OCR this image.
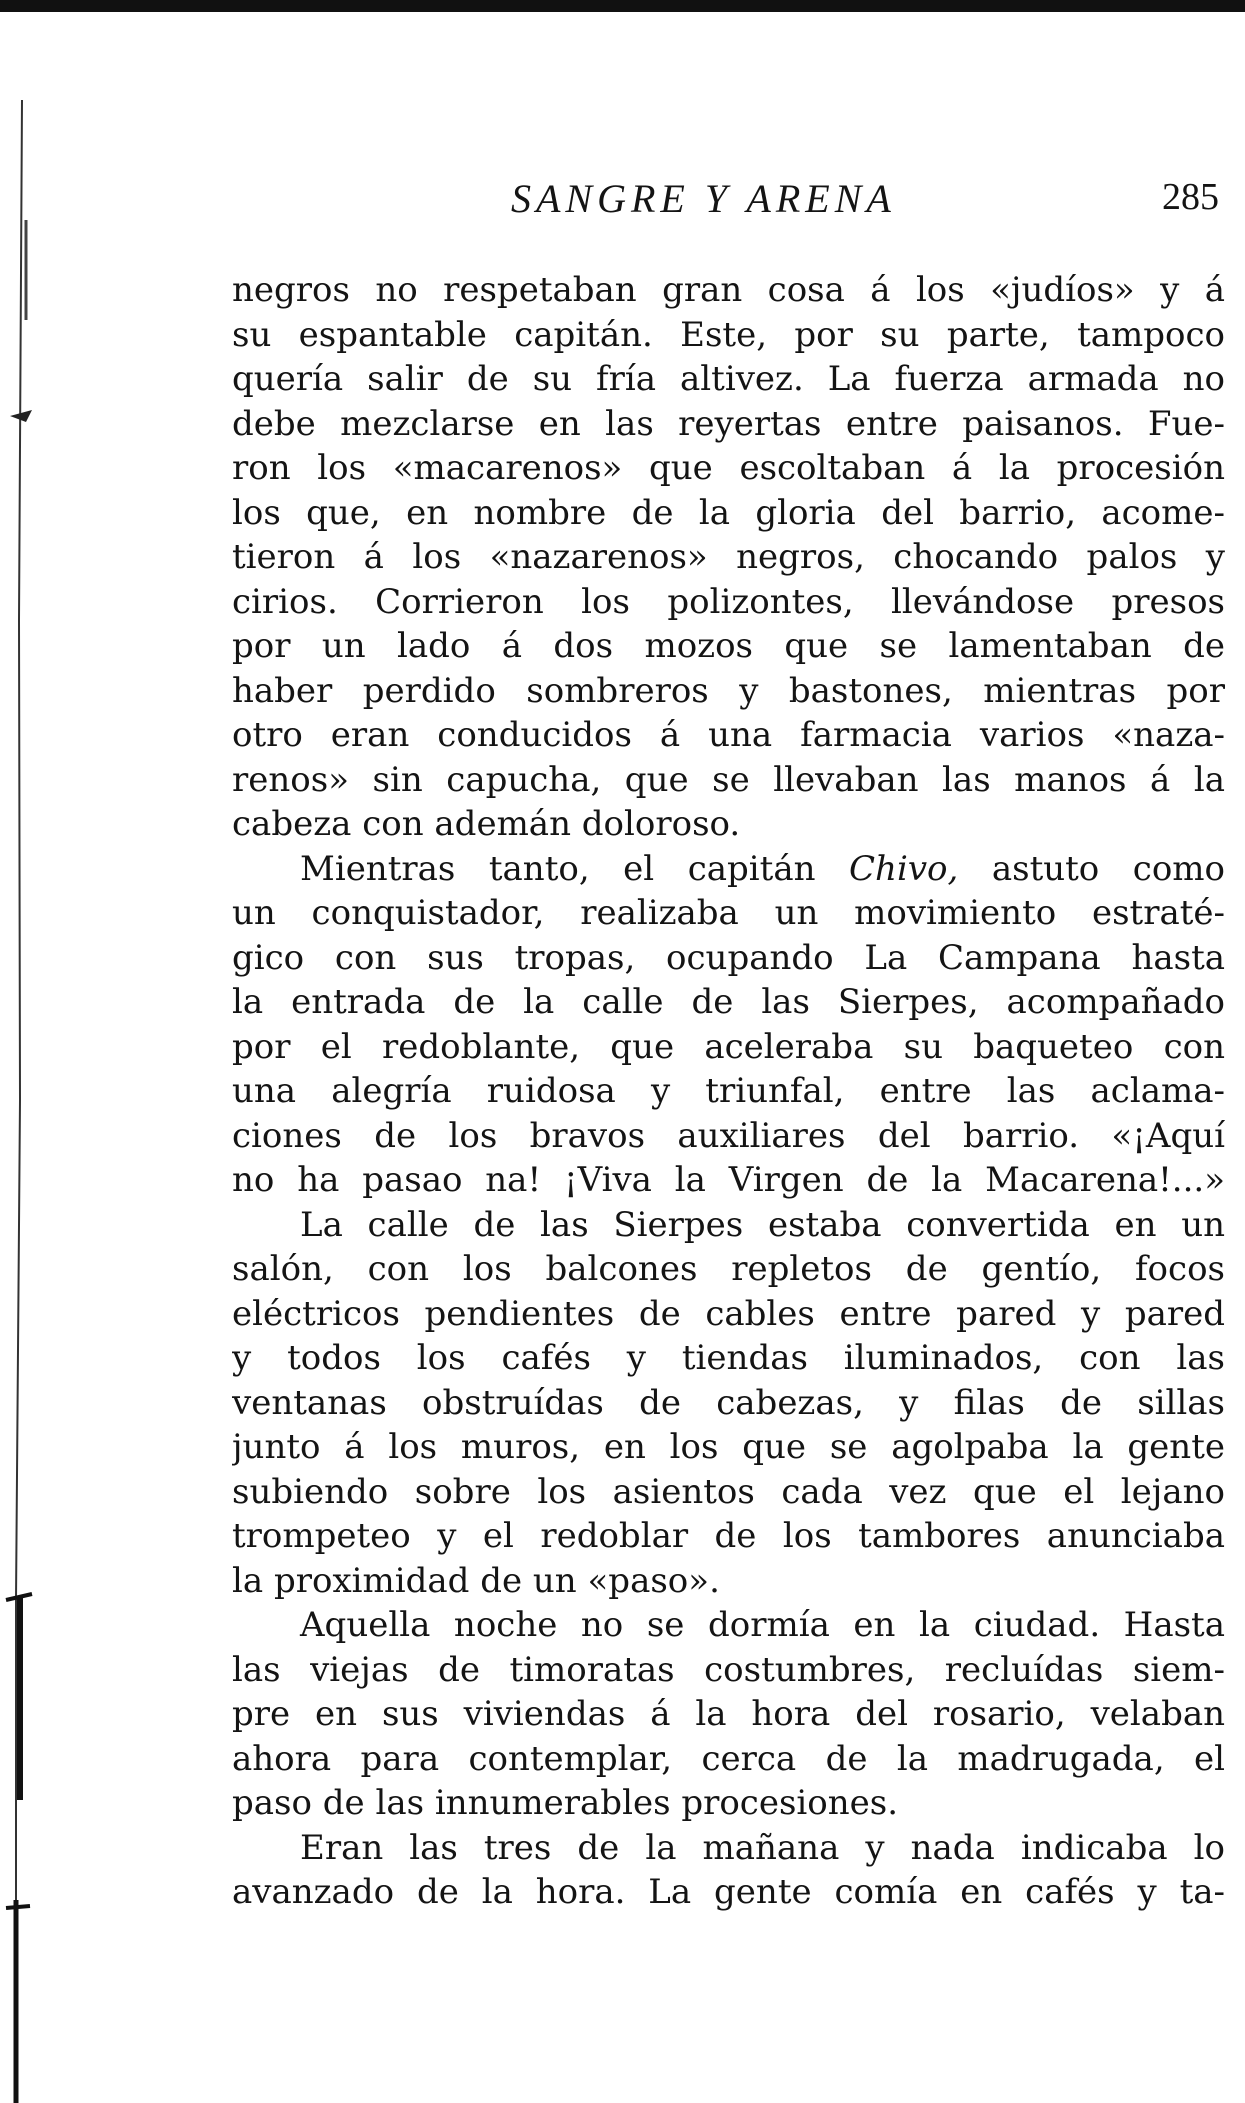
SANGRE Y ARENA	285
negros no respetaban gran cosa á los «judíos» y á
su espantable capitán. Este, por su parte, tampoco
quería salir de su fría altivez. La fuerza armada no
debe mezclarse en las reyertas entre paisanos. Fue-
ron los «macarenos» que escoltaban á la procesión
los que, en nombre de la gloria del barrio, acome-
tieron á los «nazarenos» negros, chocando palos y
cirios. Corrieron los polizontes, llevándose presos
por un lado á dos mozos que se lamentaban de
haber perdido sombreros y bastones, mientras por
otro eran conducidos á una farmacia varios «naza-
renos» sin capucha, que se llevaban las manos á la
cabeza con ademán doloroso.
Mientras tanto, el capitán Chivo, astuto como
un conquistador, realizaba un movimiento estraté-
gico con sus tropas, ocupando La Campana hasta
la entrada de la calle de las Sierpes, acompañado
por el redoblante, que aceleraba su baqueteo con
una alegría ruidosa y triunfal, entre las aclama-
ciones de los bravos auxiliares del barrio. «¡Aquí
no ha pasao na! ¡Viva la Virgen de la Macarena!...»
La calle de las Sierpes estaba convertida en un
salón, con los balcones repletos de gentío, focos
eléctricos pendientes de cables entre pared y pared
y todos los cafés y tiendas iluminados, con las
ventanas obstruídas de cabezas, y filas de sillas
junto á los muros, en los que se agolpaba la gente
subiendo sobre los asientos cada vez que el lejano
trompeteo y el redoblar de los tambores anunciaba
la proximidad de un «paso».
Aquella noche no se dormía en la ciudad. Hasta
las viejas de timoratas costumbres, recluídas siem-
pre en sus viviendas á la hora del rosario, velaban
ahora para contemplar, cerca de la madrugada, el
paso de las innumerables procesiones.
Eran las tres de la mañana y nada indicaba lo
avanzado de la hora. La gente comía en cafés y ta-
